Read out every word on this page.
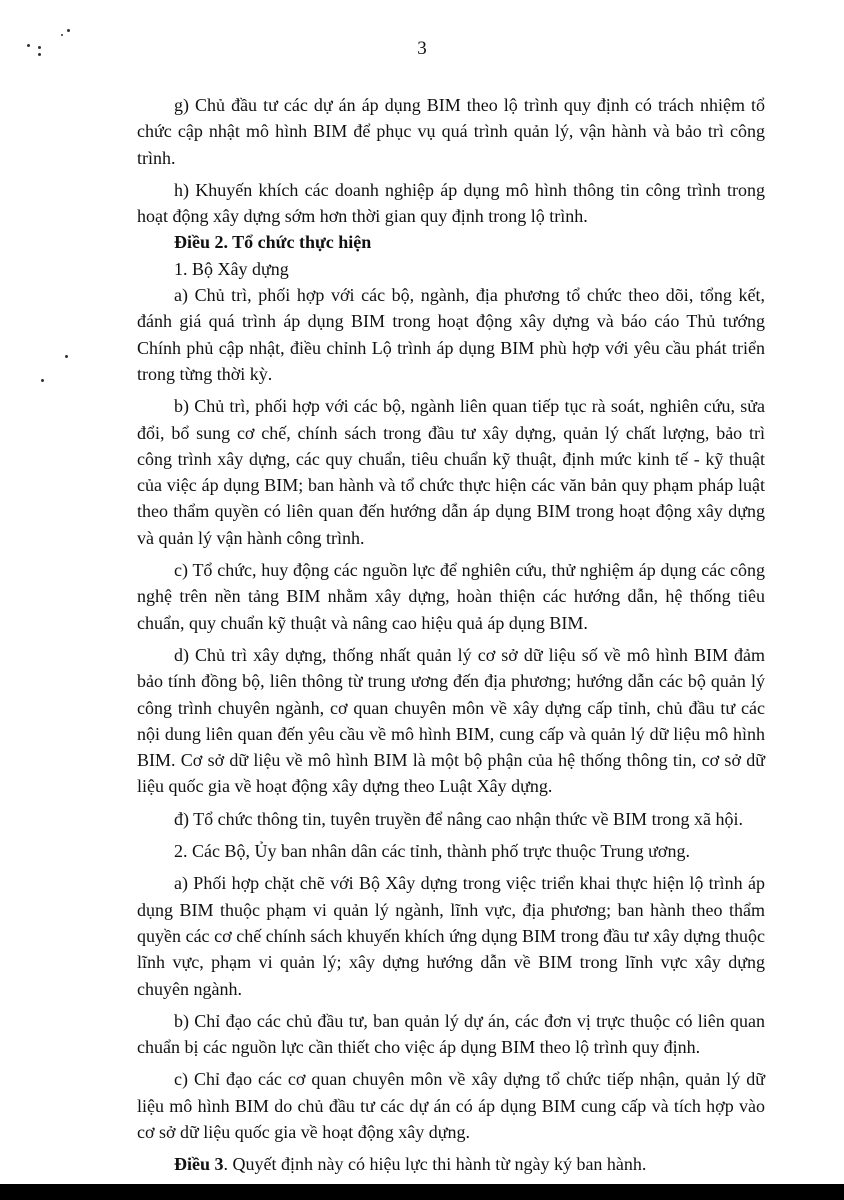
3

g) Chủ đầu tư các dự án áp dụng BIM theo lộ trình quy định có trách nhiệm tổ chức cập nhật mô hình BIM để phục vụ quá trình quản lý, vận hành và bảo trì công trình.

h) Khuyến khích các doanh nghiệp áp dụng mô hình thông tin công trình trong hoạt động xây dựng sớm hơn thời gian quy định trong lộ trình.

Điều 2. Tổ chức thực hiện

1. Bộ Xây dựng

a) Chủ trì, phối hợp với các bộ, ngành, địa phương tổ chức theo dõi, tổng kết, đánh giá quá trình áp dụng BIM trong hoạt động xây dựng và báo cáo Thủ tướng Chính phủ cập nhật, điều chỉnh Lộ trình áp dụng BIM phù hợp với yêu cầu phát triển trong từng thời kỳ.

b) Chủ trì, phối hợp với các bộ, ngành liên quan tiếp tục rà soát, nghiên cứu, sửa đổi, bổ sung cơ chế, chính sách trong đầu tư xây dựng, quản lý chất lượng, bảo trì công trình xây dựng, các quy chuẩn, tiêu chuẩn kỹ thuật, định mức kinh tế - kỹ thuật của việc áp dụng BIM; ban hành và tổ chức thực hiện các văn bản quy phạm pháp luật theo thẩm quyền có liên quan đến hướng dẫn áp dụng BIM trong hoạt động xây dựng và quản lý vận hành công trình.

c) Tổ chức, huy động các nguồn lực để nghiên cứu, thử nghiệm áp dụng các công nghệ trên nền tảng BIM nhằm xây dựng, hoàn thiện các hướng dẫn, hệ thống tiêu chuẩn, quy chuẩn kỹ thuật và nâng cao hiệu quả áp dụng BIM.

d) Chủ trì xây dựng, thống nhất quản lý cơ sở dữ liệu số về mô hình BIM đảm bảo tính đồng bộ, liên thông từ trung ương đến địa phương; hướng dẫn các bộ quản lý công trình chuyên ngành, cơ quan chuyên môn về xây dựng cấp tỉnh, chủ đầu tư các nội dung liên quan đến yêu cầu về mô hình BIM, cung cấp và quản lý dữ liệu mô hình BIM. Cơ sở dữ liệu về mô hình BIM là một bộ phận của hệ thống thông tin, cơ sở dữ liệu quốc gia về hoạt động xây dựng theo Luật Xây dựng.

đ) Tổ chức thông tin, tuyên truyền để nâng cao nhận thức về BIM trong xã hội.

2. Các Bộ, Ủy ban nhân dân các tỉnh, thành phố trực thuộc Trung ương.

a) Phối hợp chặt chẽ với Bộ Xây dựng trong việc triển khai thực hiện lộ trình áp dụng BIM thuộc phạm vi quản lý ngành, lĩnh vực, địa phương; ban hành theo thẩm quyền các cơ chế chính sách khuyến khích ứng dụng BIM trong đầu tư xây dựng thuộc lĩnh vực, phạm vi quản lý; xây dựng hướng dẫn về BIM trong lĩnh vực xây dựng chuyên ngành.

b) Chỉ đạo các chủ đầu tư, ban quản lý dự án, các đơn vị trực thuộc có liên quan chuẩn bị các nguồn lực cần thiết cho việc áp dụng BIM theo lộ trình quy định.

c) Chỉ đạo các cơ quan chuyên môn về xây dựng tổ chức tiếp nhận, quản lý dữ liệu mô hình BIM do chủ đầu tư các dự án có áp dụng BIM cung cấp và tích hợp vào cơ sở dữ liệu quốc gia về hoạt động xây dựng.

Điều 3. Quyết định này có hiệu lực thi hành từ ngày ký ban hành.
